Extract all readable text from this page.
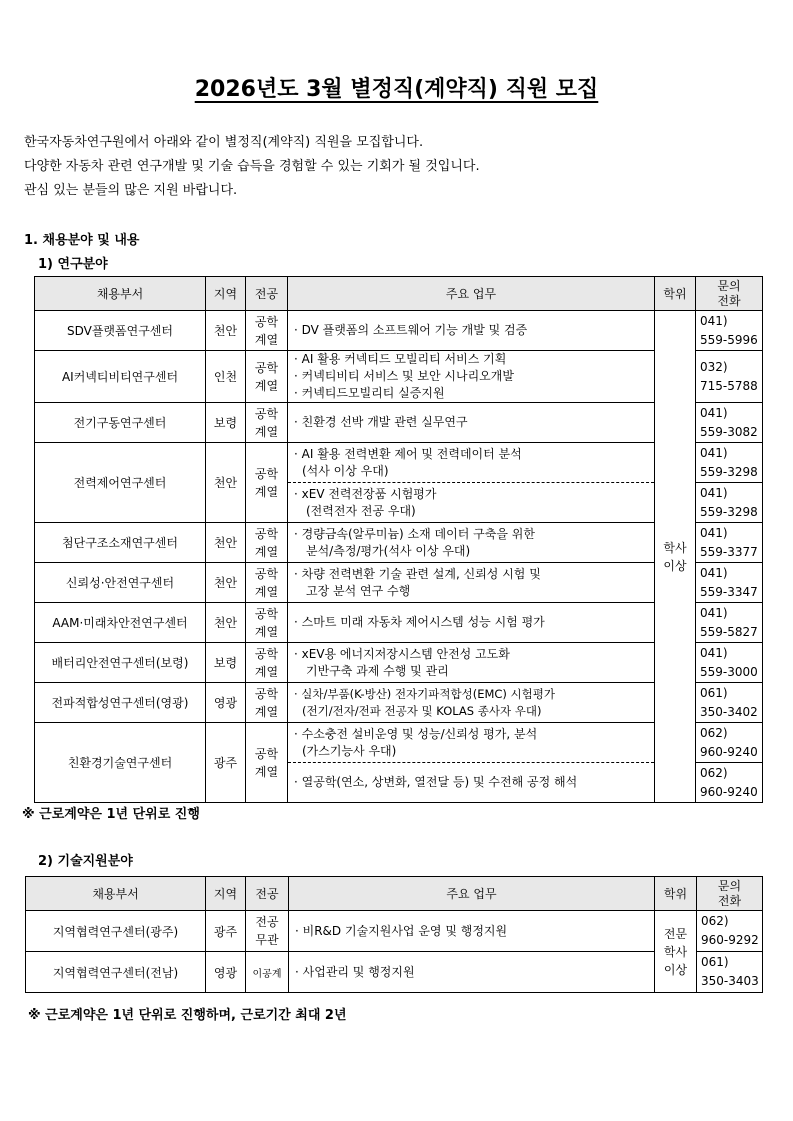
2026년도 3월 별정직(계약직) 직원 모집
한국자동차연구원에서 아래와 같이 별정직(계약직) 직원을 모집합니다.
다양한 자동차 관련 연구개발 및 기술 습득을 경험할 수 있는 기회가 될 것입니다.
관심 있는 분들의 많은 지원 바랍니다.
1. 채용분야 및 내용
1) 연구분야
채용부서	지역	전공	주요 업무	학위	문의
전화

SDV플랫폼연구센터	천안	공학
계열	· DV 플랫폼의 소프트웨어 기능 개발 및 검증	학사
이상	041)
559-5996

AI커넥티비티연구센터	인천	공학
계열	· AI 활용 커넥티드 모빌리티 서비스 기획
· 커넥티비티 서비스 및 보안 시나리오개발
· 커넥티드모빌리티 실증지원		032)
715-5788

전기구동연구센터	보령	공학
계열	· 친환경 선박 개발 관련 실무연구		041)
559-3082

전력제어연구센터	천안	공학
계열	· AI 활용 전력변환 제어 및 전력데이터 분석
(석사 이상 우대)		041)
559-3298

			· xEV 전력전장품 시험평가
(전력전자 전공 우대)		041)
559-3298

첨단구조소재연구센터	천안	공학
계열	· 경량금속(알루미늄) 소재 데이터 구축을 위한
분석/측정/평가(석사 이상 우대)		041)
559-3377

신뢰성·안전연구센터	천안	공학
계열	· 차량 전력변환 기술 관련 설계, 신뢰성 시험 및
고장 분석 연구 수행		041)
559-3347

AAM·미래차안전연구센터	천안	공학
계열	· 스마트 미래 자동차 제어시스템 성능 시험 평가		041)
559-5827

배터리안전연구센터(보령)	보령	공학
계열	· xEV용 에너지저장시스템 안전성 고도화
기반구축 과제 수행 및 관리		041)
559-3000

전파적합성연구센터(영광)	영광	공학
계열	· 실차/부품(K-방산) 전자기파적합성(EMC) 시험평가
(전기/전자/전파 전공자 및 KOLAS 종사자 우대)		061)
350-3402

친환경기술연구센터	광주	공학
계열	· 수소충전 설비운영 및 성능/신뢰성 평가, 분석
(가스기능사 우대)		062)
960-9240

			· 열공학(연소, 상변화, 열전달 등) 및 수전해 공정 해석		062)
960-9240
※ 근로계약은 1년 단위로 진행
2) 기술지원분야
채용부서	지역	전공	주요 업무	학위	문의
전화

지역협력연구센터(광주)	광주	전공
무관	· 비R&D 기술지원사업 운영 및 행정지원	전문
학사
이상	062)
960-9292

지역협력연구센터(전남)	영광	이공계	· 사업관리 및 행정지원		061)
350-3403
※ 근로계약은 1년 단위로 진행하며, 근로기간 최대 2년
